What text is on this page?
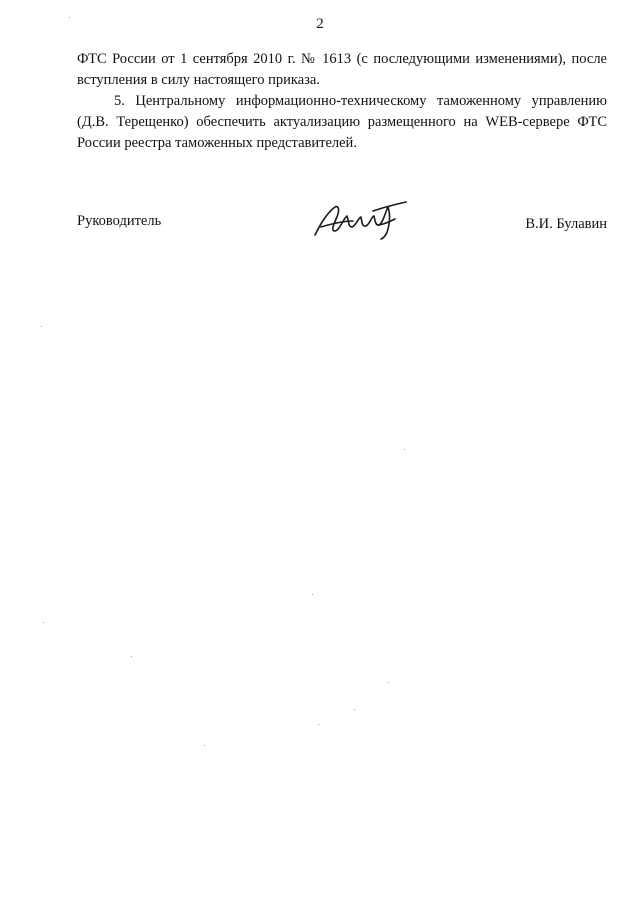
2

ФТС России от 1 сентября 2010 г. № 1613 (с последующими изменениями), после вступления в силу настоящего приказа.

5. Центральному информационно-техническому таможенному управлению (Д.В. Терещенко) обеспечить актуализацию размещенного на WEB-сервере ФТС России реестра таможенных представителей.

Руководитель	В.И. Булавин
